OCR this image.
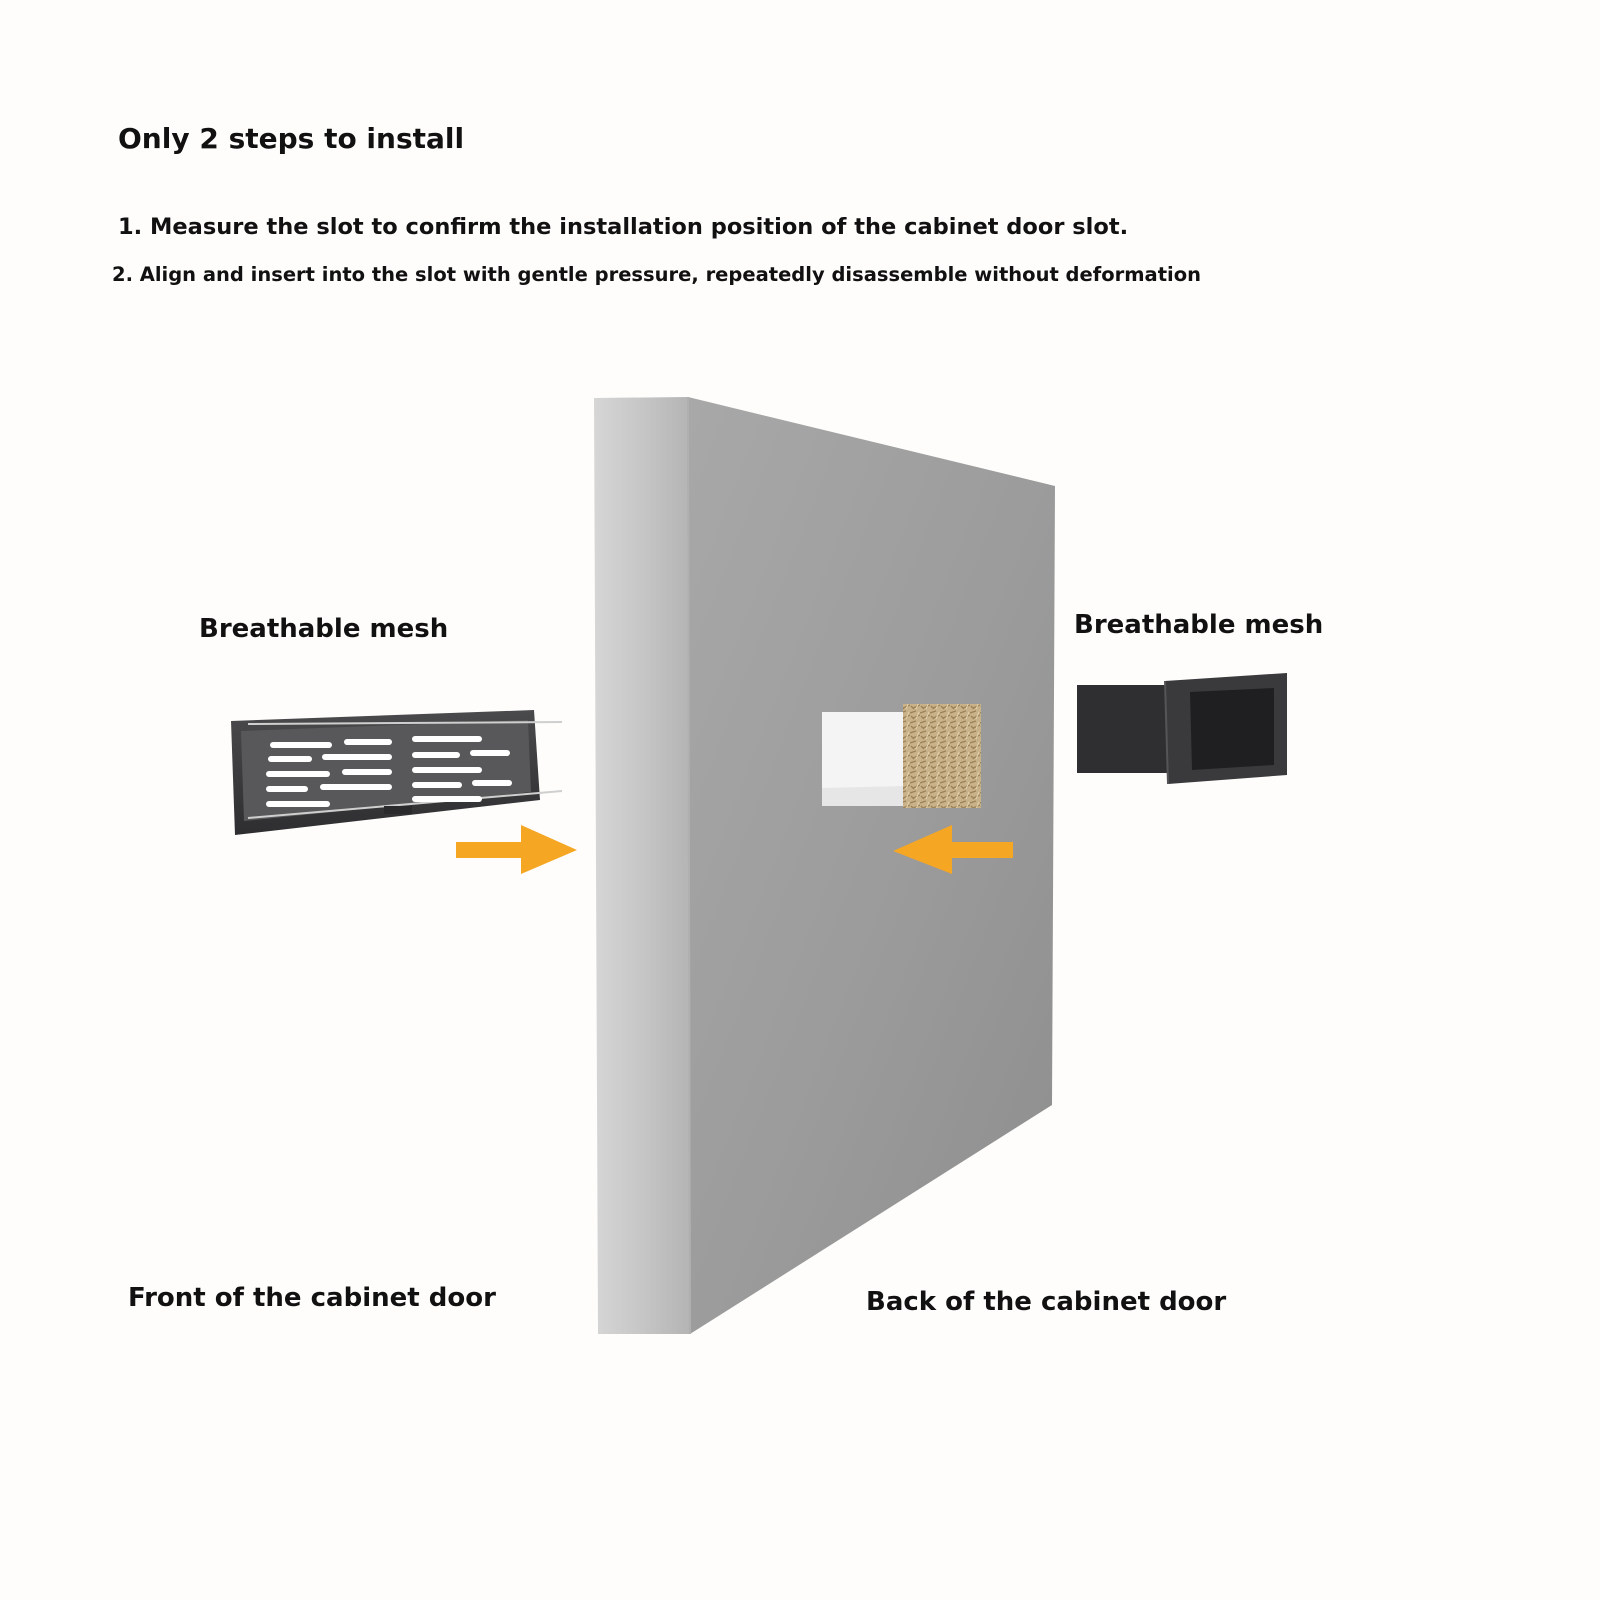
Only 2 steps to install

1. Measure the slot to confirm the installation position of the cabinet door slot.

2. Align and insert into the slot with gentle pressure, repeatedly disassemble without deformation

Breathable mesh	Breathable mesh
Front of the cabinet door	Back of the cabinet door
